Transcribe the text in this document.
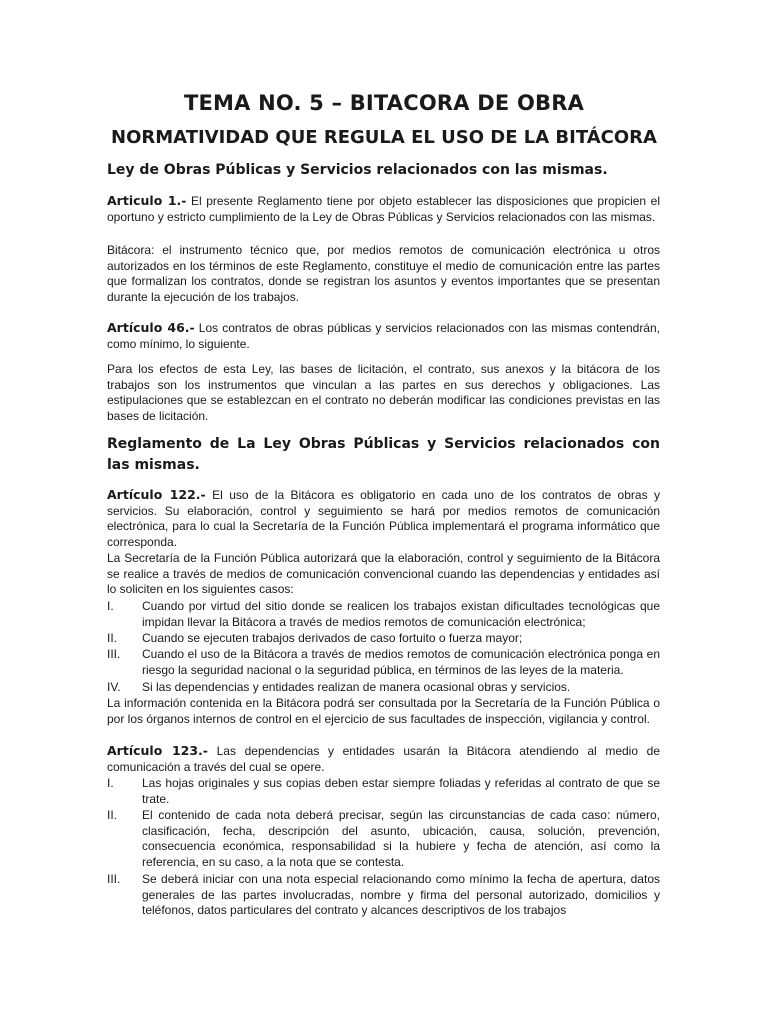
TEMA NO. 5 – BITACORA DE OBRA
NORMATIVIDAD QUE REGULA EL USO DE LA BITÁCORA
Ley de Obras Públicas y Servicios relacionados con las mismas.
Articulo 1.- El presente Reglamento tiene por objeto establecer las disposiciones que propicien el oportuno y estricto cumplimiento de la Ley de Obras Públicas y Servicios relacionados con las mismas.
Bitácora: el instrumento técnico que, por medios remotos de comunicación electrónica u otros autorizados en los términos de este Reglamento, constituye el medio de comunicación entre las partes que formalizan los contratos, donde se registran los asuntos y eventos importantes que se presentan durante la ejecución de los trabajos.
Artículo 46.- Los contratos de obras públicas y servicios relacionados con las mismas contendrán, como mínimo, lo siguiente.
Para los efectos de esta Ley, las bases de licitación, el contrato, sus anexos y la bitácora de los trabajos son los instrumentos que vinculan a las partes en sus derechos y obligaciones. Las estipulaciones que se establezcan en el contrato no deberán modificar las condiciones previstas en las bases de licitación.
Reglamento de La Ley Obras Públicas y Servicios relacionados con las mismas.
Artículo 122.- El uso de la Bitácora es obligatorio en cada uno de los contratos de obras y servicios. Su elaboración, control y seguimiento se hará por medios remotos de comunicación electrónica, para lo cual la Secretaría de la Función Pública implementará el programa informático que corresponda.
La Secretaría de la Función Pública autorizará que la elaboración, control y seguimiento de la Bitácora se realice a través de medios de comunicación convencional cuando las dependencias y entidades así lo soliciten en los siguientes casos:
I.	Cuando por virtud del sitio donde se realicen los trabajos existan dificultades tecnológicas que impidan llevar la Bitácora a través de medios remotos de comunicación electrónica;
II.	Cuando se ejecuten trabajos derivados de caso fortuito o fuerza mayor;
III.	Cuando el uso de la Bitácora a través de medios remotos de comunicación electrónica ponga en riesgo la seguridad nacional o la seguridad pública, en términos de las leyes de la materia.
IV.	Si las dependencias y entidades realizan de manera ocasional obras y servicios.
La información contenida en la Bitácora podrá ser consultada por la Secretaría de la Función Pública o por los órganos internos de control en el ejercicio de sus facultades de inspección, vigilancia y control.
Artículo 123.- Las dependencias y entidades usarán la Bitácora atendiendo al medio de comunicación a través del cual se opere.
I.	Las hojas originales y sus copias deben estar siempre foliadas y referidas al contrato de que se trate.
II.	El contenido de cada nota deberá precisar, según las circunstancias de cada caso: número, clasificación, fecha, descripción del asunto, ubicación, causa, solución, prevención, consecuencia económica, responsabilidad si la hubiere y fecha de atención, así como la referencia, en su caso, a la nota que se contesta.
III.	Se deberá iniciar con una nota especial relacionando como mínimo la fecha de apertura, datos generales de las partes involucradas, nombre y firma del personal autorizado, domicilios y teléfonos, datos particulares del contrato y alcances descriptivos de los trabajos
